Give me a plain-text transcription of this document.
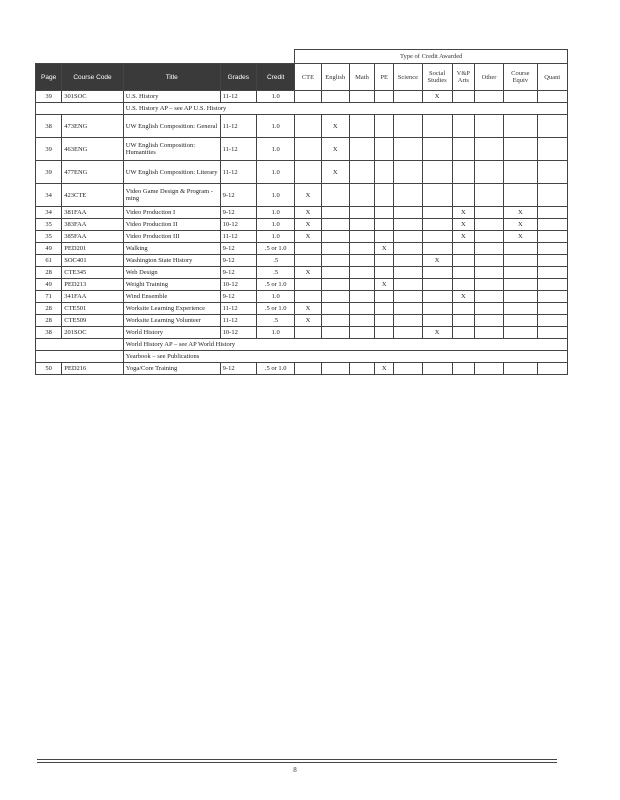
					Type of Credit Awarded									
Page	Course Code	Title	Grades	Credit	CTE	English	Math	PE	Science	Social Studies	V&P Arts	Other	Course Equiv	Quant
39	301SOC	U.S. History	11-12	1.0						X				
		U.S. History AP – see AP U.S. History												
38	473ENG	UW English Composition: General	11-12	1.0		X								
39	463ENG	UW English Composition: Humanities	11-12	1.0		X								
39	477ENG	UW English Composition: Literary	11-12	1.0		X								
34	423CTE	Video Game Design & Program - ming	9-12	1.0	X									
34	381FAA	Video Production I	9-12	1.0	X						X		X	
35	383FAA	Video Production II	10-12	1.0	X						X		X	
35	385FAA	Video Production III	11-12	1.0	X						X		X	
49	PED201	Walking	9-12	.5 or 1.0				X						
61	SOC401	Washington State History	9-12	.5						X				
28	CTE345	Web Design	9-12	.5	X									
49	PED213	Weight Training	10-12	.5 or 1.0				X						
71	341FAA	Wind Ensemble	9-12	1.0							X			
28	CTE501	Worksite Learning Experience	11-12	.5 or 1.0	X									
28	CTE509	Worksite Learning Volunteer	11-12	.5	X									
38	201SOC	World History	10-12	1.0						X				
		World History AP – see AP World History												
		Yearbook – see Publications												
50	PED216	Yoga/Core Training	9-12	.5 or 1.0				X						
8
